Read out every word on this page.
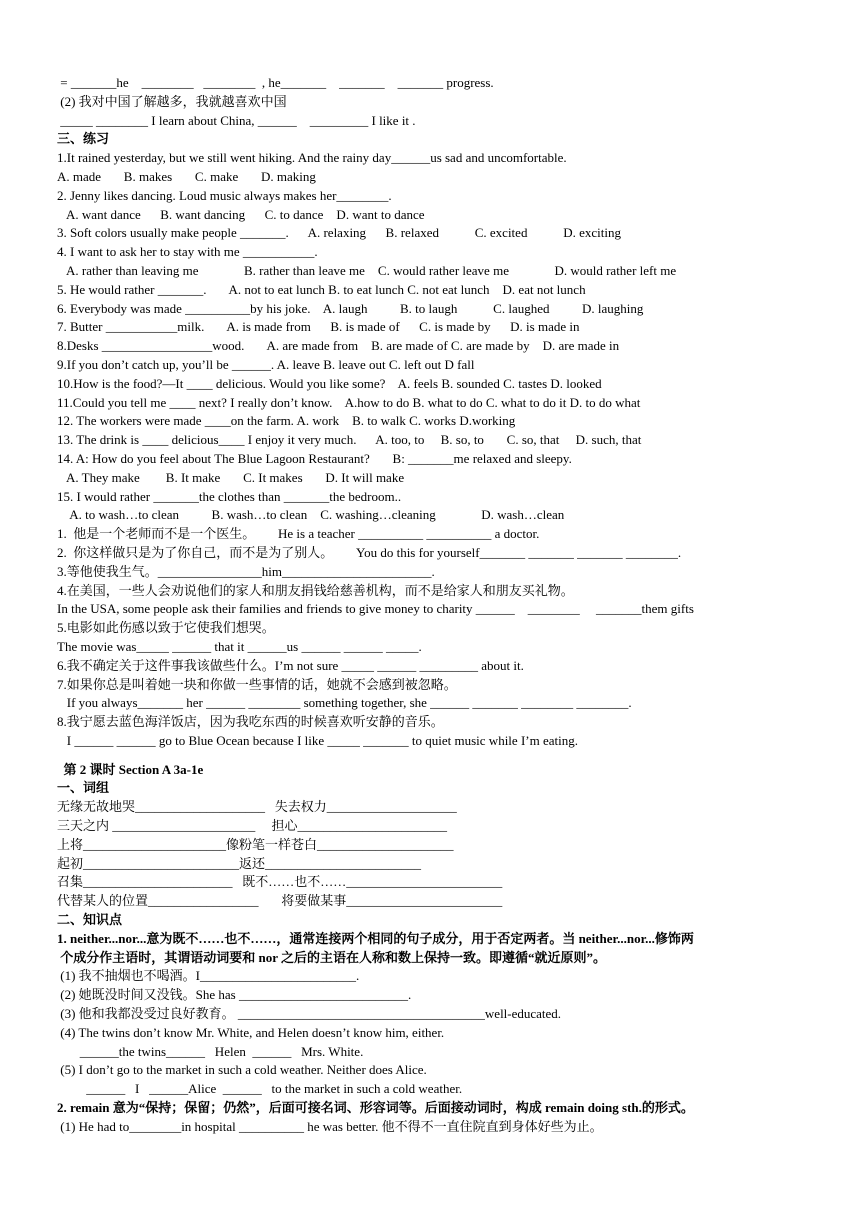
= _______he    ________   ________  , he_______    _______    _______ progress.
(2) 我对中国了解越多，我就越喜欢中国
_____ ________ I learn about China, ______    _________ I like it .
三、练习
1.It rained yesterday, but we still went hiking. And the rainy day______us sad and uncomfortable.
A. made       B. makes       C. make       D. making
2. Jenny likes dancing. Loud music always makes her________.
A. want dance      B. want dancing      C. to dance    D. want to dance
3. Soft colors usually make people _______.      A. relaxing      B. relaxed           C. excited           D. exciting
4. I want to ask her to stay with me ___________.
A. rather than leaving me              B. rather than leave me    C. would rather leave me              D. would rather left me
5. He would rather _______.       A. not to eat lunch B. to eat lunch C. not eat lunch    D. eat not lunch
6. Everybody was made __________by his joke.    A. laugh          B. to laugh           C. laughed          D. laughing
7. Butter ___________milk.       A. is made from      B. is made of      C. is made by      D. is made in
8.Desks _________________wood.       A. are made from    B. are made of C. are made by    D. are made in
9.If you don’t catch up, you’ll be ______. A. leave B. leave out C. left out D fall
10.How is the food?—It ____ delicious. Would you like some?    A. feels B. sounded C. tastes D. looked
11.Could you tell me ____ next? I really don’t know.    A.how to do B. what to do C. what to do it D. to do what
12. The workers were made ____on the farm. A. work    B. to walk C. works D.working
13. The drink is ____ delicious____ I enjoy it very much.      A. too, to     B. so, to       C. so, that     D. such, that
14. A: How do you feel about The Blue Lagoon Restaurant?       B: _______me relaxed and sleepy.
A. They make        B. It make       C. It makes       D. It will make
15. I would rather _______the clothes than _______the bedroom..
A. to wash…to clean          B. wash…to clean    C. washing…cleaning              D. wash…clean
1.  他是一个老师而不是一个医生。       He is a teacher __________ __________ a doctor.
2.  你这样做只是为了你自己，而不是为了别人。       You do this for yourself_______ _______ _______ ________.
3.等他使我生气。________________him_______________________.
4.在美国，一些人会劝说他们的家人和朋友捐钱给慈善机构，而不是给家人和朋友买礼物。
In the USA, some people ask their families and friends to give money to charity ______    ________     _______them gifts
5.电影如此伤感以致于它使我们想哭。
The movie was_____ ______ that it ______us ______ ______ _____.
6.我不确定关于这件事我该做些什么。I’m not sure _____ ______ _________ about it.
7.如果你总是叫着她一块和你做一些事情的话，她就不会感到被忽略。
If you always_______ her ______ ________ something together, she ______ _______ ________ ________.
8.我宁愿去蓝色海洋饭店，因为我吃东西的时候喜欢听安静的音乐。
I ______ ______ go to Blue Ocean because I like _____ _______ to quiet music while I’m eating.
第 2 课时 Section A 3a-1e
一、词组
无缘无故地哭____________________   失去权力____________________
三天之内 ______________________     担心_______________________
上将______________________像粉笔一样苍白_____________________
起初________________________返还________________________
召集_______________________   既不……也不……________________________
代替某人的位置_________________       将要做某事________________________
二、知识点
1. neither...nor...意为既不……也不……，通常连接两个相同的句子成分，用于否定两者。当 neither...nor...修饰两
个成分作主语时，其谓语动词要和 nor 之后的主语在人称和数上保持一致。即遵循“就近原则”。
(1) 我不抽烟也不喝酒。I________________________.
(2) 她既没时间又没钱。She has __________________________.
(3) 他和我都没受过良好教育。 ______________________________________well-educated.
(4) The twins don’t know Mr. White, and Helen doesn’t know him, either.
______the twins______   Helen  ______   Mrs. White.
(5) I don’t go to the market in such a cold weather. Neither does Alice.
______   I   ______Alice  ______   to the market in such a cold weather.
2. remain 意为“保持；保留；仍然”，后面可接名词、形容词等。后面接动词时，构成 remain doing sth.的形式。
(1) He had to________in hospital __________ he was better. 他不得不一直住院直到身体好些为止。
